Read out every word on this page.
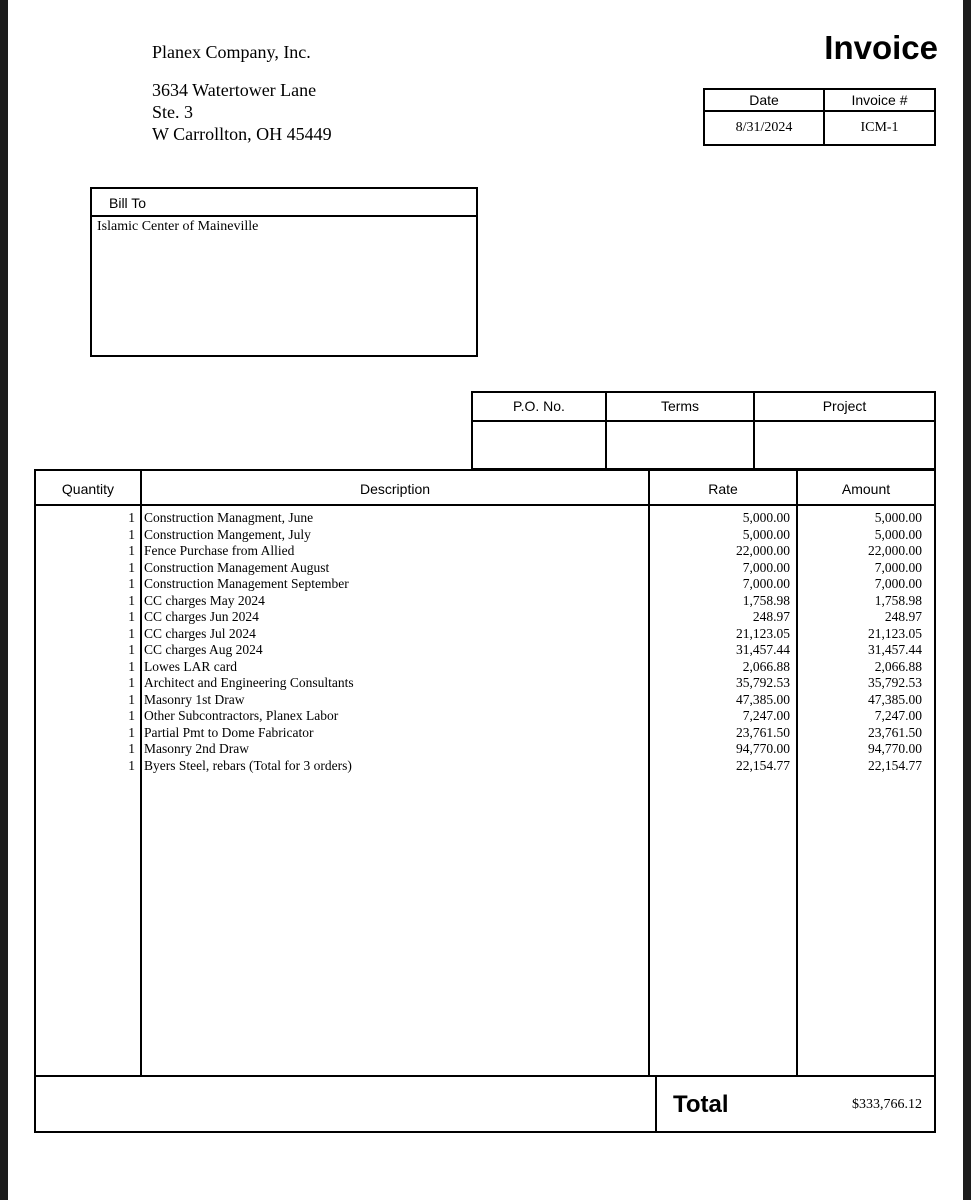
Planex Company, Inc.
3634 Watertower Lane
Ste. 3
W Carrollton, OH 45449
Invoice
Date	Invoice #
8/31/2024	ICM-1
Bill To
Islamic Center of Maineville
P.O. No.	Terms	Project
Quantity	Description	Rate	Amount
1 Construction Managment, June	5,000.00	5,000.00
1 Construction Mangement, July	5,000.00	5,000.00
1 Fence Purchase from Allied	22,000.00	22,000.00
1 Construction Management August	7,000.00	7,000.00
1 Construction Management September	7,000.00	7,000.00
1 CC charges May 2024	1,758.98	1,758.98
1 CC charges Jun 2024	248.97	248.97
1 CC charges Jul 2024	21,123.05	21,123.05
1 CC charges Aug 2024	31,457.44	31,457.44
1 Lowes LAR card	2,066.88	2,066.88
1 Architect and Engineering Consultants	35,792.53	35,792.53
1 Masonry 1st Draw	47,385.00	47,385.00
1 Other Subcontractors, Planex Labor	7,247.00	7,247.00
1 Partial Pmt to Dome Fabricator	23,761.50	23,761.50
1 Masonry 2nd Draw	94,770.00	94,770.00
1 Byers Steel, rebars (Total for 3 orders)	22,154.77	22,154.77
Total	$333,766.12
